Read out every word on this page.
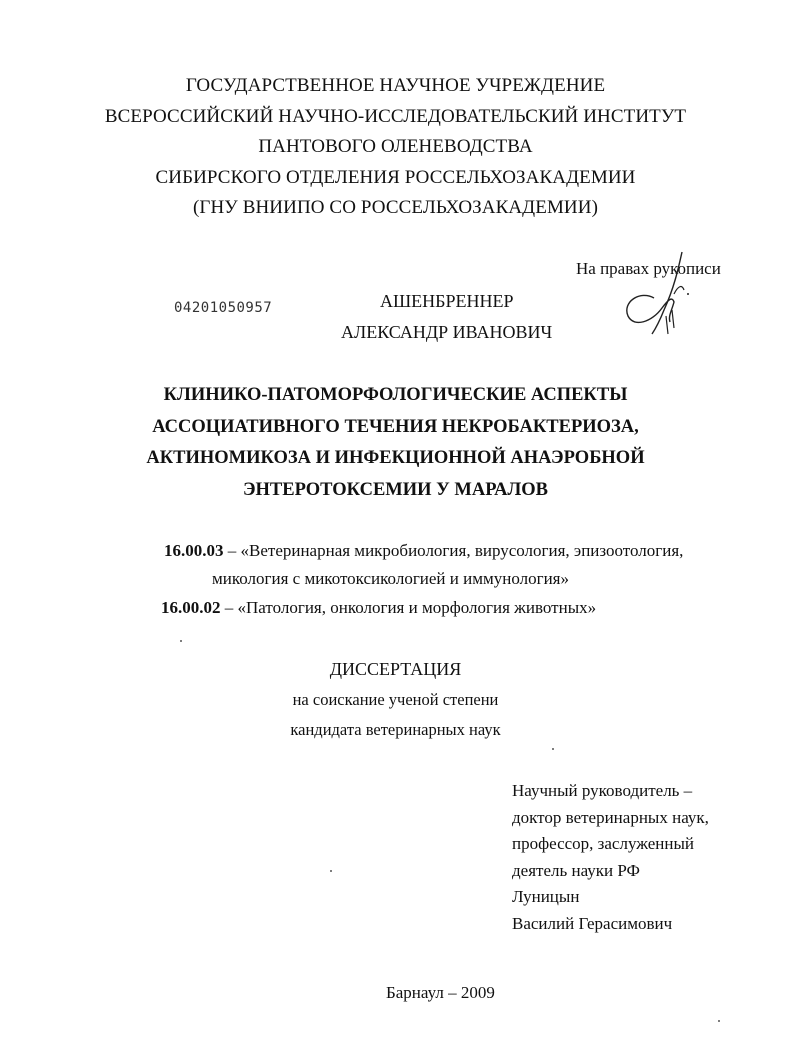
ГОСУДАРСТВЕННОЕ НАУЧНОЕ УЧРЕЖДЕНИЕ
ВСЕРОССИЙСКИЙ НАУЧНО-ИССЛЕДОВАТЕЛЬСКИЙ ИНСТИТУТ
ПАНТОВОГО ОЛЕНЕВОДСТВА
СИБИРСКОГО ОТДЕЛЕНИЯ РОССЕЛЬХОЗАКАДЕМИИ
(ГНУ ВНИИПО СО РОССЕЛЬХОЗАКАДЕМИИ)
На правах рукописи
04201050957	АШЕНБРЕННЕР
АЛЕКСАНДР ИВАНОВИЧ
КЛИНИКО-ПАТОМОРФОЛОГИЧЕСКИЕ АСПЕКТЫ
АССОЦИАТИВНОГО ТЕЧЕНИЯ НЕКРОБАКТЕРИОЗА,
АКТИНОМИКОЗА И ИНФЕКЦИОННОЙ АНАЭРОБНОЙ
ЭНТЕРОТОКСЕМИИ У МАРАЛОВ
16.00.03 – «Ветеринарная микробиология, вирусология, эпизоотология,
микология с микотоксикологией и иммунология»
16.00.02 – «Патология, онкология и морфология животных»
ДИССЕРТАЦИЯ
на соискание ученой степени
кандидата ветеринарных наук
Научный руководитель –
доктор ветеринарных наук,
профессор, заслуженный
деятель науки РФ
Луницын
Василий Герасимович
Барнаул – 2009
